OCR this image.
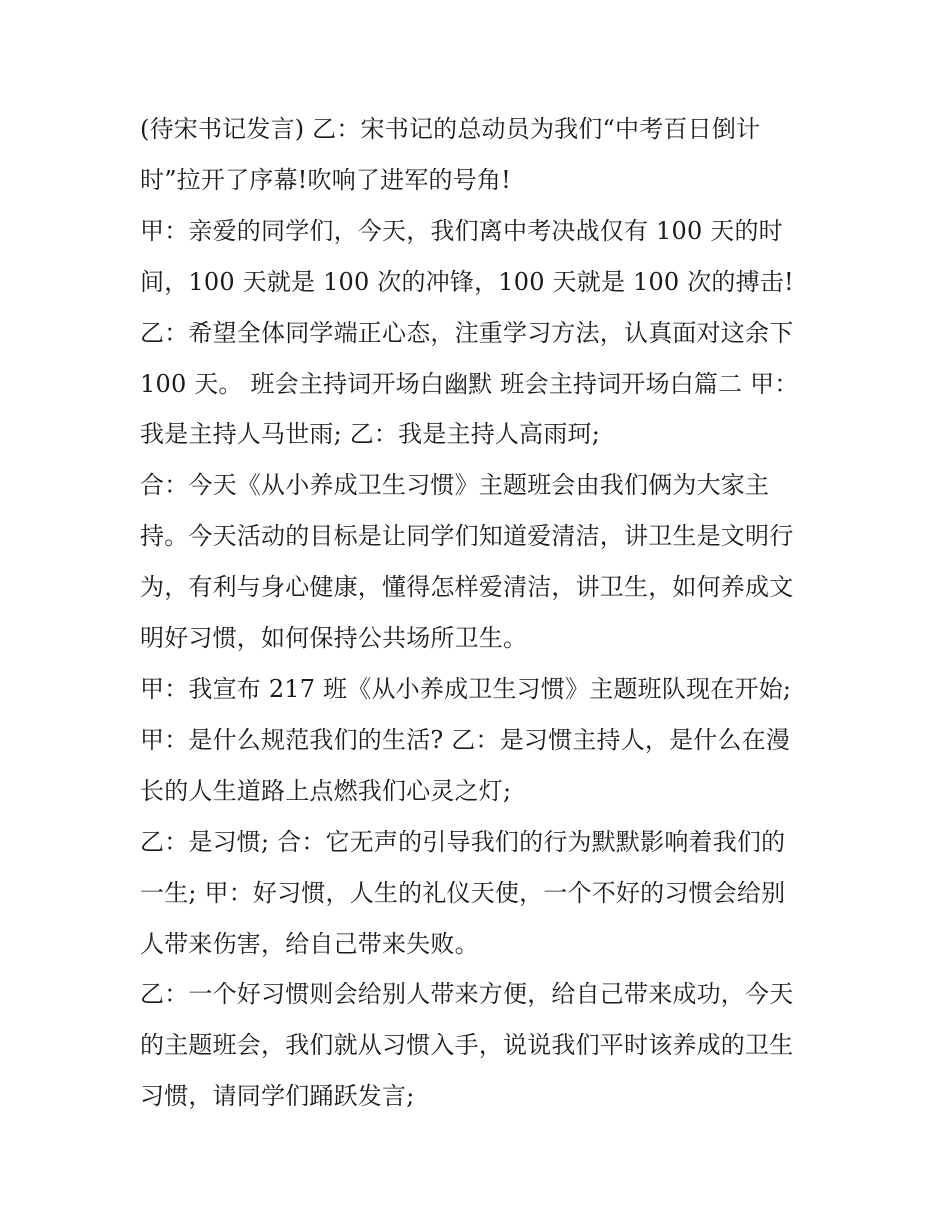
(待宋书记发言) 乙：宋书记的总动员为我们“中考百日倒计
时”拉开了序幕!吹响了进军的号角!
甲：亲爱的同学们，今天，我们离中考决战仅有 100 天的时
间，100 天就是 100 次的冲锋，100 天就是 100 次的搏击!
乙：希望全体同学端正心态，注重学习方法，认真面对这余下
100 天。 班会主持词开场白幽默 班会主持词开场白篇二 甲：
我是主持人马世雨; 乙：我是主持人高雨珂;
合：今天《从小养成卫生习惯》主题班会由我们俩为大家主
持。今天活动的目标是让同学们知道爱清洁，讲卫生是文明行
为，有利与身心健康，懂得怎样爱清洁，讲卫生，如何养成文
明好习惯，如何保持公共场所卫生。
甲：我宣布 217 班《从小养成卫生习惯》主题班队现在开始;
甲：是什么规范我们的生活? 乙：是习惯主持人，是什么在漫
长的人生道路上点燃我们心灵之灯;
乙：是习惯; 合：它无声的引导我们的行为默默影响着我们的
一生; 甲：好习惯，人生的礼仪天使，一个不好的习惯会给别
人带来伤害，给自己带来失败。
乙：一个好习惯则会给别人带来方便，给自己带来成功，今天
的主题班会，我们就从习惯入手，说说我们平时该养成的卫生
习惯，请同学们踊跃发言;
